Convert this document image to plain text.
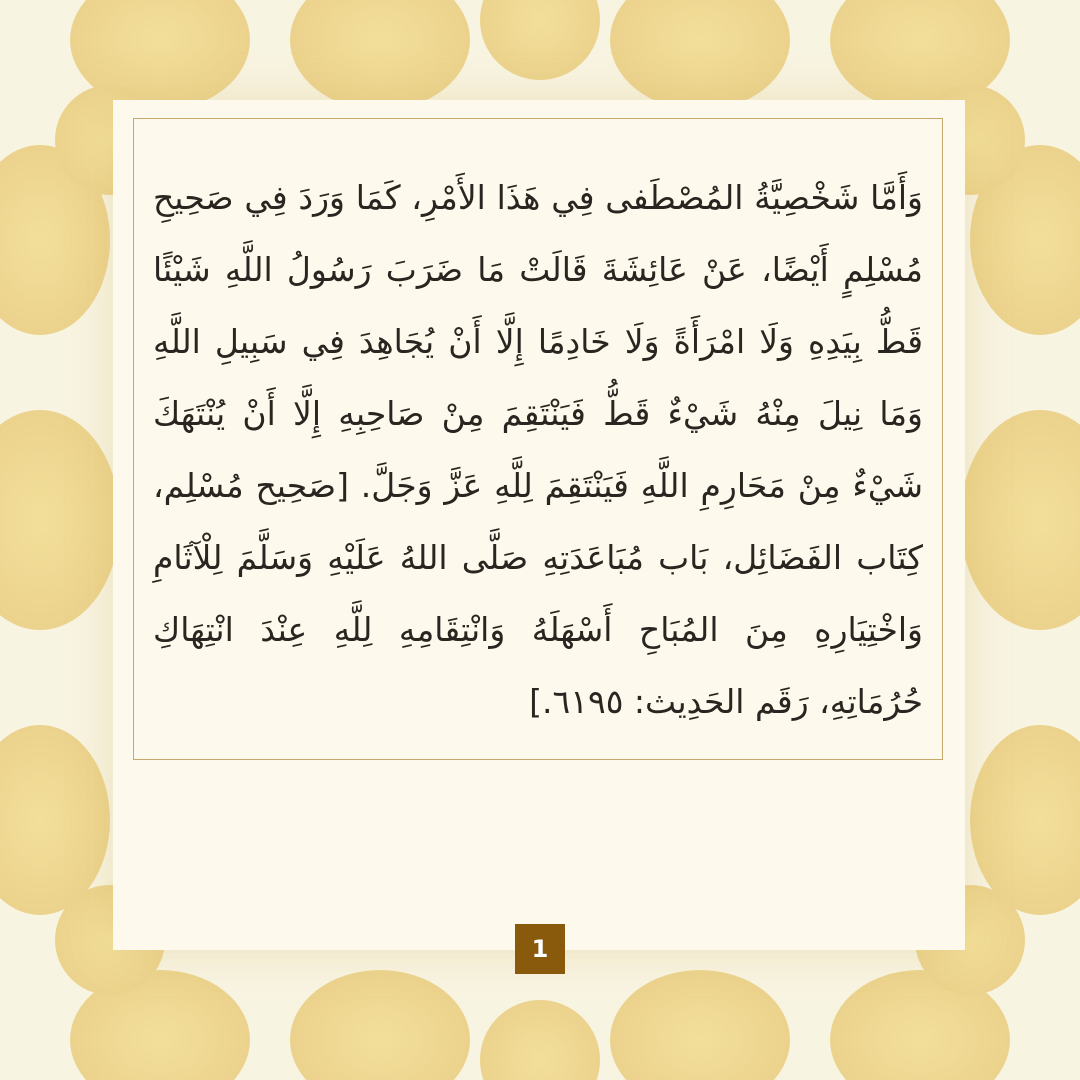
وَأَمَّا شَخْصِيَّةُ المُصْطَفى فِي هَذَا الأَمْرِ، كَمَا وَرَدَ فِي صَحِيحِ مُسْلِمٍ أَيْضًا، عَنْ عَائِشَةَ قَالَتْ مَا ضَرَبَ رَسُولُ اللَّهِ شَيْئًا قَطُّ بِيَدِهِ وَلَا امْرَأَةً وَلَا خَادِمًا إِلَّا أَنْ يُجَاهِدَ فِي سَبِيلِ اللَّهِ وَمَا نِيلَ مِنْهُ شَيْءٌ قَطُّ فَيَنْتَقِمَ مِنْ صَاحِبِهِ إِلَّا أَنْ يُنْتَهَكَ شَيْءٌ مِنْ مَحَارِمِ اللَّهِ فَيَنْتَقِمَ لِلَّهِ عَزَّ وَجَلَّ. [صَحِيح مُسْلِم، كِتَاب الفَضَائِل، بَاب مُبَاعَدَتِهِ صَلَّى اللهُ عَلَيْهِ وَسَلَّمَ لِلْآثَامِ وَاخْتِيَارِهِ مِنَ المُبَاحِ أَسْهَلَهُ وَانْتِقَامِهِ لِلَّهِ عِنْدَ انْتِهَاكِ حُرُمَاتِهِ، رَقَم الحَدِيث: ٦١٩٥.]

1
